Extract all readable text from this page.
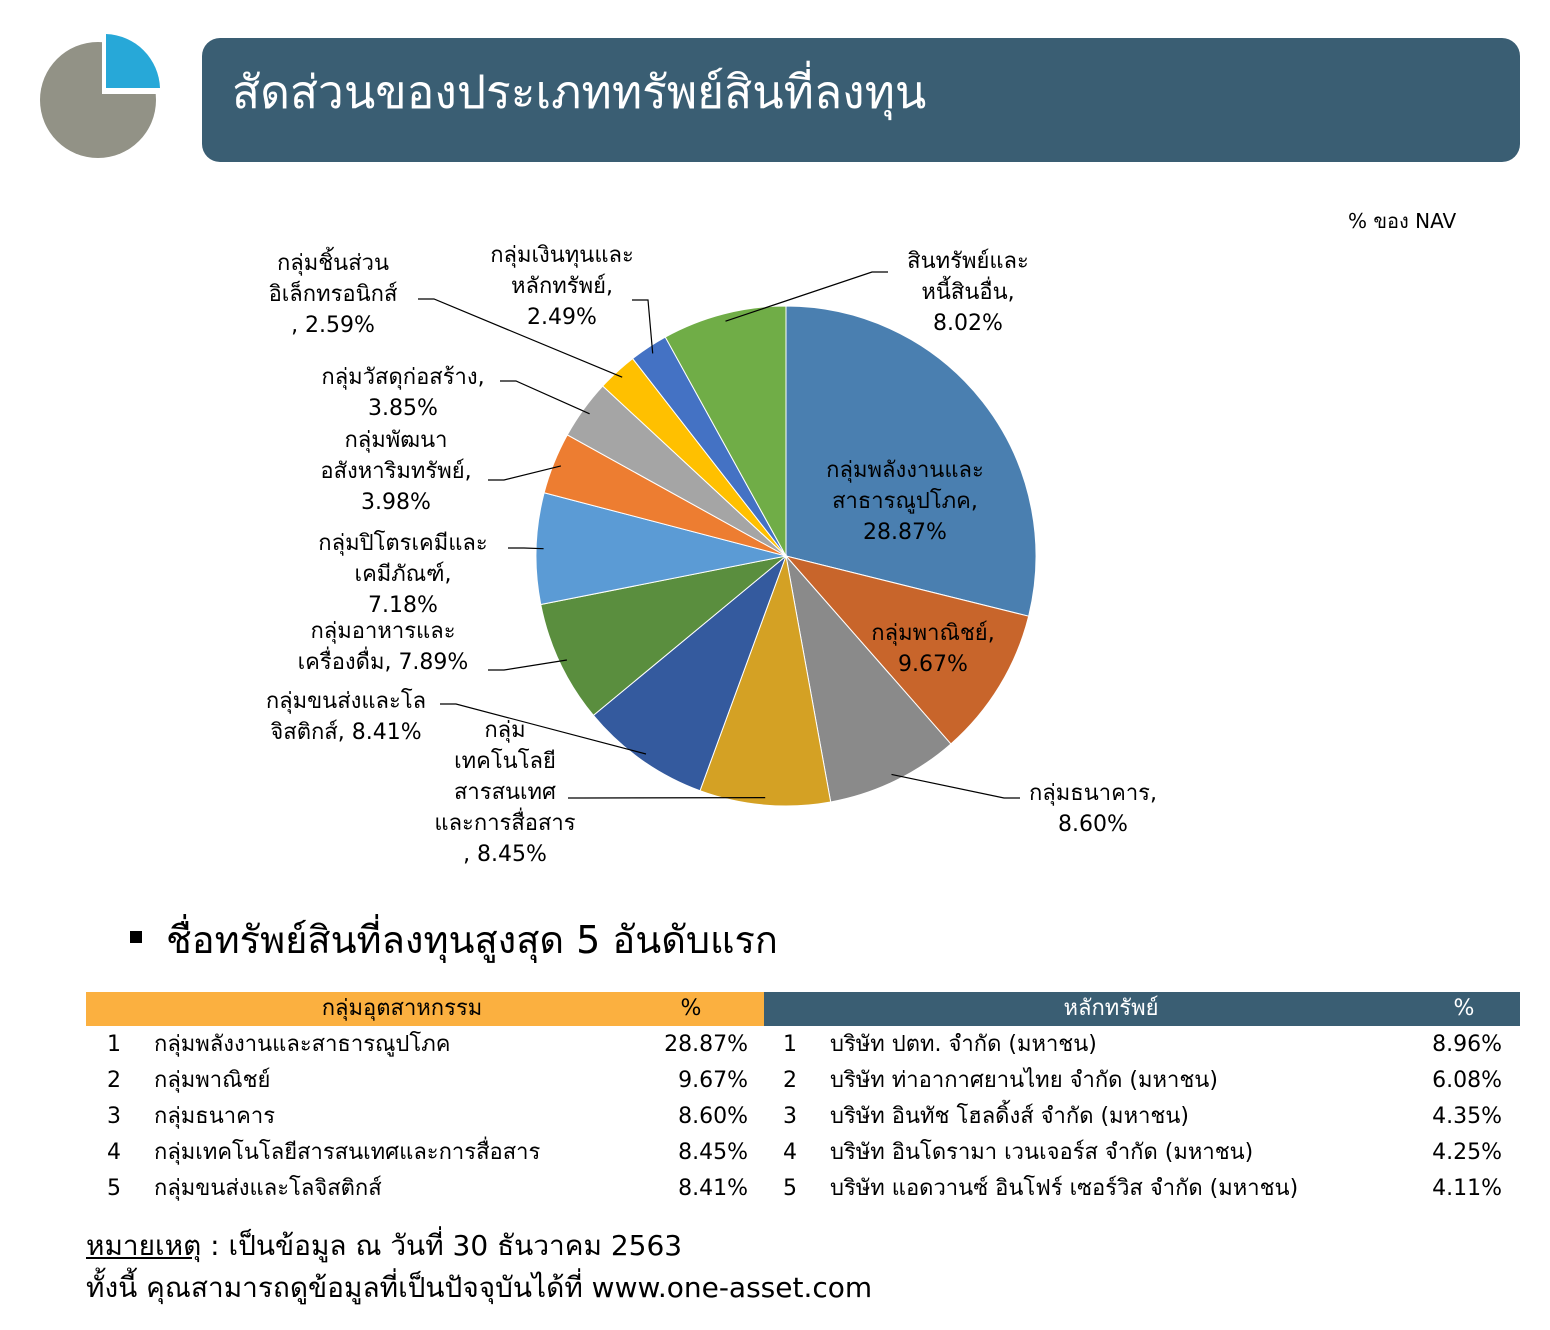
สัดส่วนของประเภททรัพย์สินที่ลงทุน
% ของ NAV
กลุ่มพลังงานและ
สาธารณูปโภค,
28.87%
กลุ่มพาณิชย์,
9.67%
กลุ่มธนาคาร,
8.60%
กลุ่ม
เทคโนโลยี
สารสนเทศ
และการสื่อสาร
, 8.45%
กลุ่มขนส่งและโล
จิสติกส์, 8.41%
กลุ่มอาหารและ
เครื่องดื่ม, 7.89%
กลุ่มปิโตรเคมีและ
เคมีภัณฑ์,
7.18%
กลุ่มพัฒนา
อสังหาริมทรัพย์,
3.98%
กลุ่มวัสดุก่อสร้าง,
3.85%
กลุ่มชิ้นส่วน
อิเล็กทรอนิกส์
, 2.59%
กลุ่มเงินทุนและ
หลักทรัพย์,
2.49%
สินทรัพย์และ
หนี้สินอื่น,
8.02%
ชื่อทรัพย์สินที่ลงทุนสูงสุด 5 อันดับแรก
กลุ่มอุตสาหกรรม	%
1	กลุ่มพลังงานและสาธารณูปโภค	28.87%
2	กลุ่มพาณิชย์	9.67%
3	กลุ่มธนาคาร	8.60%
4	กลุ่มเทคโนโลยีสารสนเทศและการสื่อสาร	8.45%
5	กลุ่มขนส่งและโลจิสติกส์	8.41%
หลักทรัพย์	%
1	บริษัท ปตท. จำกัด (มหาชน)	8.96%
2	บริษัท ท่าอากาศยานไทย จำกัด (มหาชน)	6.08%
3	บริษัท อินทัช โฮลดิ้งส์ จำกัด (มหาชน)	4.35%
4	บริษัท อินโดรามา เวนเจอร์ส จำกัด (มหาชน)	4.25%
5	บริษัท แอดวานซ์ อินโฟร์ เซอร์วิส จำกัด (มหาชน)	4.11%
หมายเหตุ : เป็นข้อมูล ณ วันที่ 30 ธันวาคม 2563
ทั้งนี้ คุณสามารถดูข้อมูลที่เป็นปัจจุบันได้ที่ www.one-asset.com
